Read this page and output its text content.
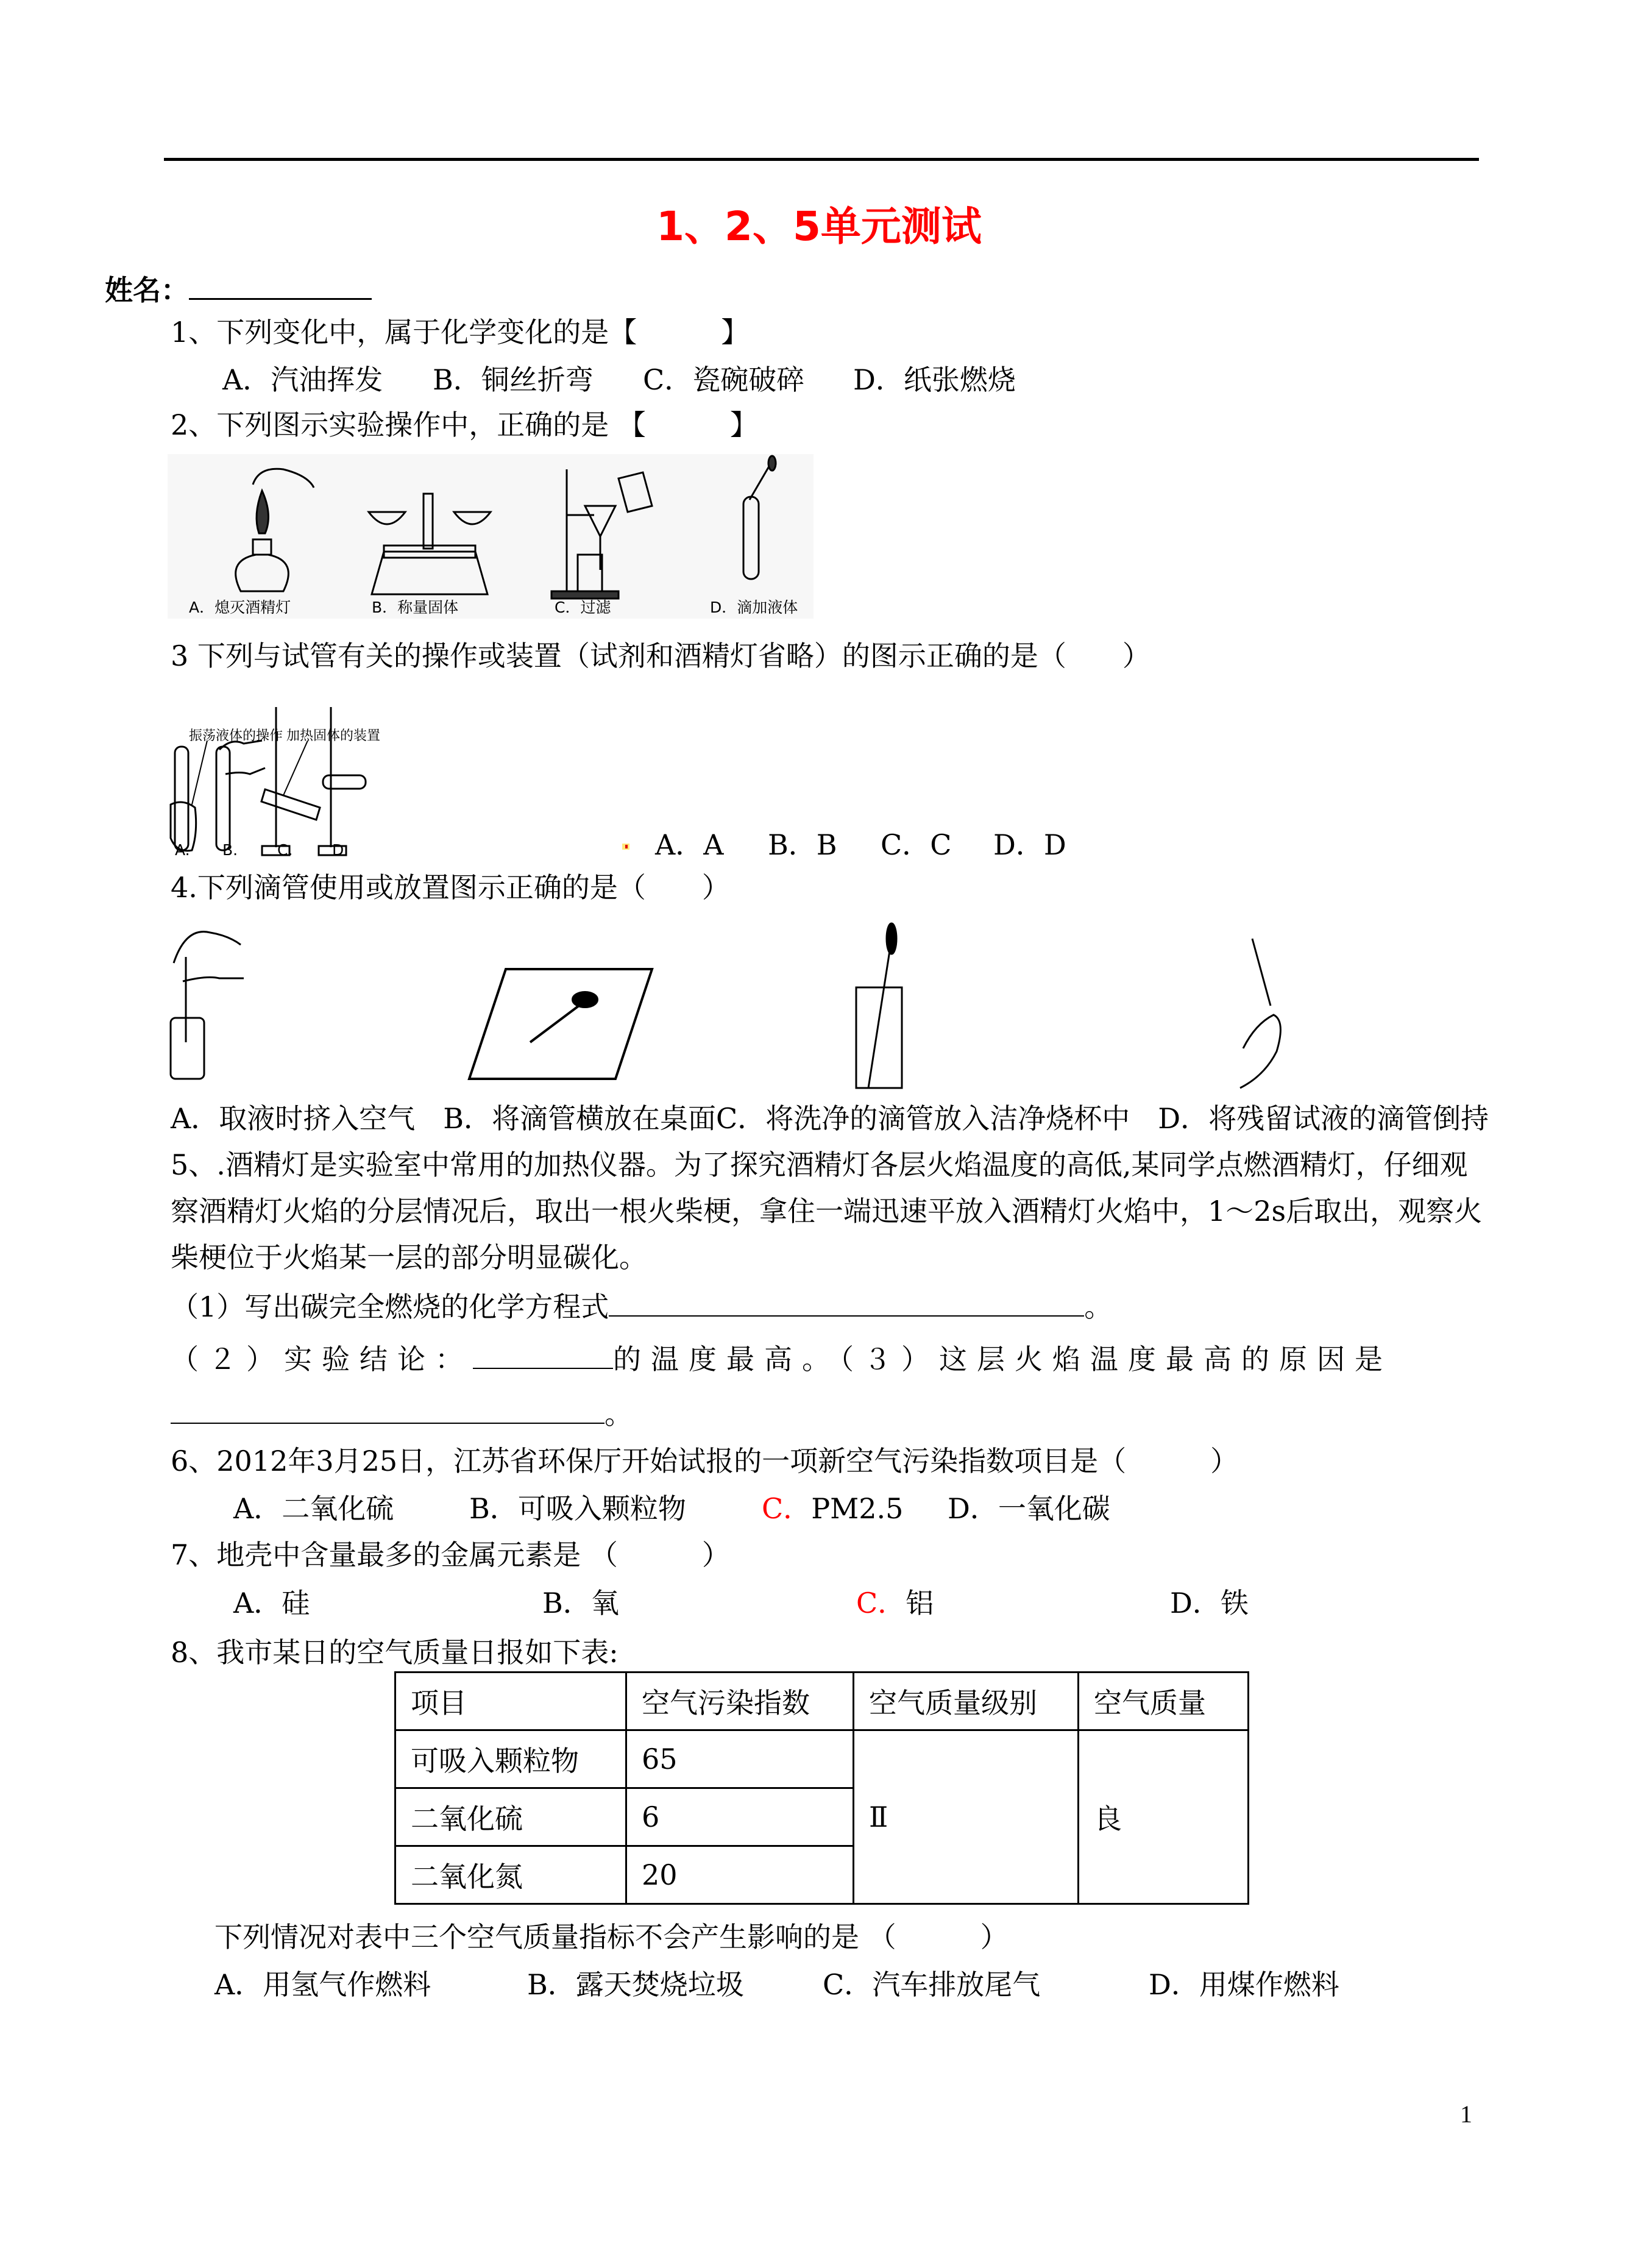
1、2、5单元测试
姓名：
1、下列变化中，属于化学变化的是【　　　】
A．汽油挥发 B．铜丝折弯 C．瓷碗破碎 D．纸张燃烧
2、下列图示实验操作中，正确的是 【　　　】
A．熄灭酒精灯	B．称量固体	C．过滤	D．滴加液体
3 下列与试管有关的操作或装置（试剂和酒精灯省略）的图示正确的是（　　）
振荡液体的操作 加热固体的装置
A. B.	C.	D.	A．A B．B C．C D．D
4.下列滴管使用或放置图示正确的是（　　）
A．取液时挤入空气　B．将滴管横放在桌面C．将洗净的滴管放入洁净烧杯中　D．将残留试液的滴管倒持
5、.酒精灯是实验室中常用的加热仪器。为了探究酒精灯各层火焰温度的高低,某同学点燃酒精灯，仔细观
察酒精灯火焰的分层情况后，取出一根火柴梗，拿住一端迅速平放入酒精灯火焰中，1～2s后取出，观察火
柴梗位于火焰某一层的部分明显碳化。
（1）写出碳完全燃烧的化学方程式	。
（２）实验结论：	的温度最高。（３）这层火焰温度最高的原因是
。
6、2012年3月25日，江苏省环保厅开始试报的一项新空气污染指数项目是（　　　）
A．二氧化硫	B．可吸入颗粒物	C．PM2.5 D．一氧化碳
7、地壳中含量最多的金属元素是 （　　　）
A．硅	B．氧	C．铝	D．铁
8、我市某日的空气质量日报如下表:
项目	空气污染指数	空气质量级别	空气质量
可吸入颗粒物	65	Ⅱ	良
二氧化硫	6		
二氧化氮	20		
下列情况对表中三个空气质量指标不会产生影响的是 （　　　）
A．用氢气作燃料	B．露天焚烧垃圾	C．汽车排放尾气	D．用煤作燃料
1
